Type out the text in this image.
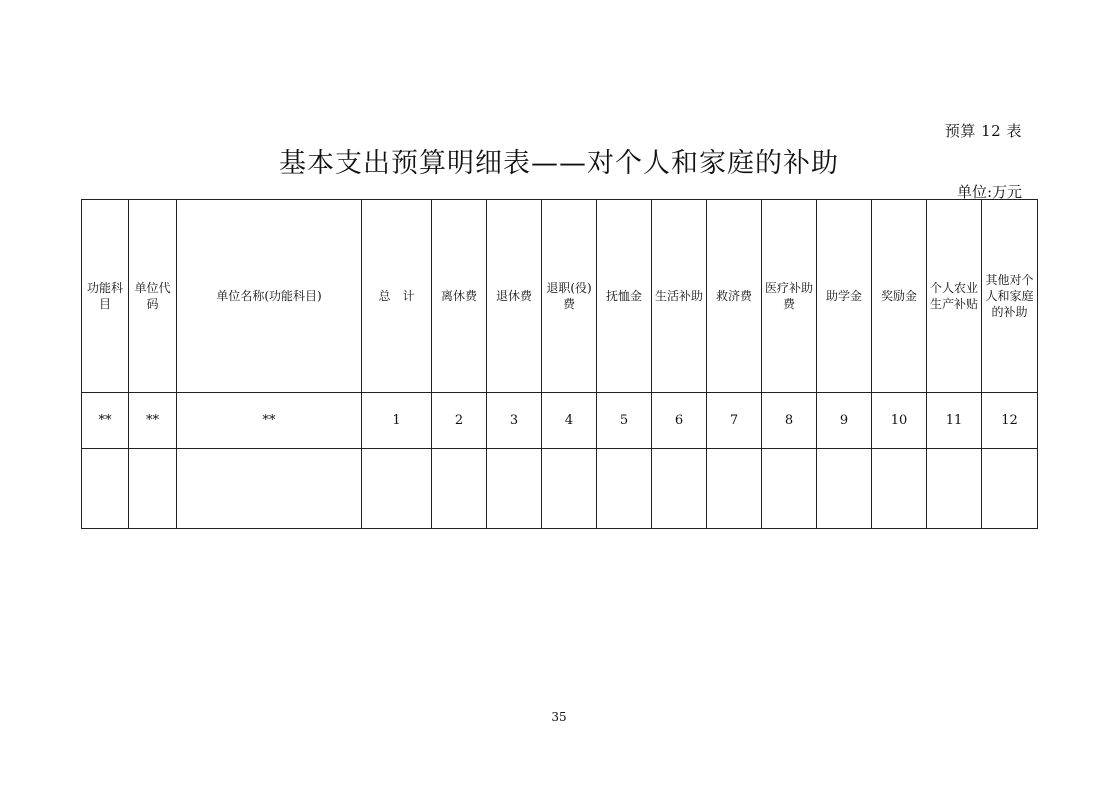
预算 12 表
基本支出预算明细表——对个人和家庭的补助
单位:万元
功能科目	单位代码	单位名称(功能科目)	总　计	离休费	退休费	退职(役)费	抚恤金	生活补助	救济费	医疗补助费	助学金	奖励金	个人农业生产补贴	其他对个人和家庭的补助
**	**	**	1	2	3	4	5	6	7	8	9	10	11	12

35
